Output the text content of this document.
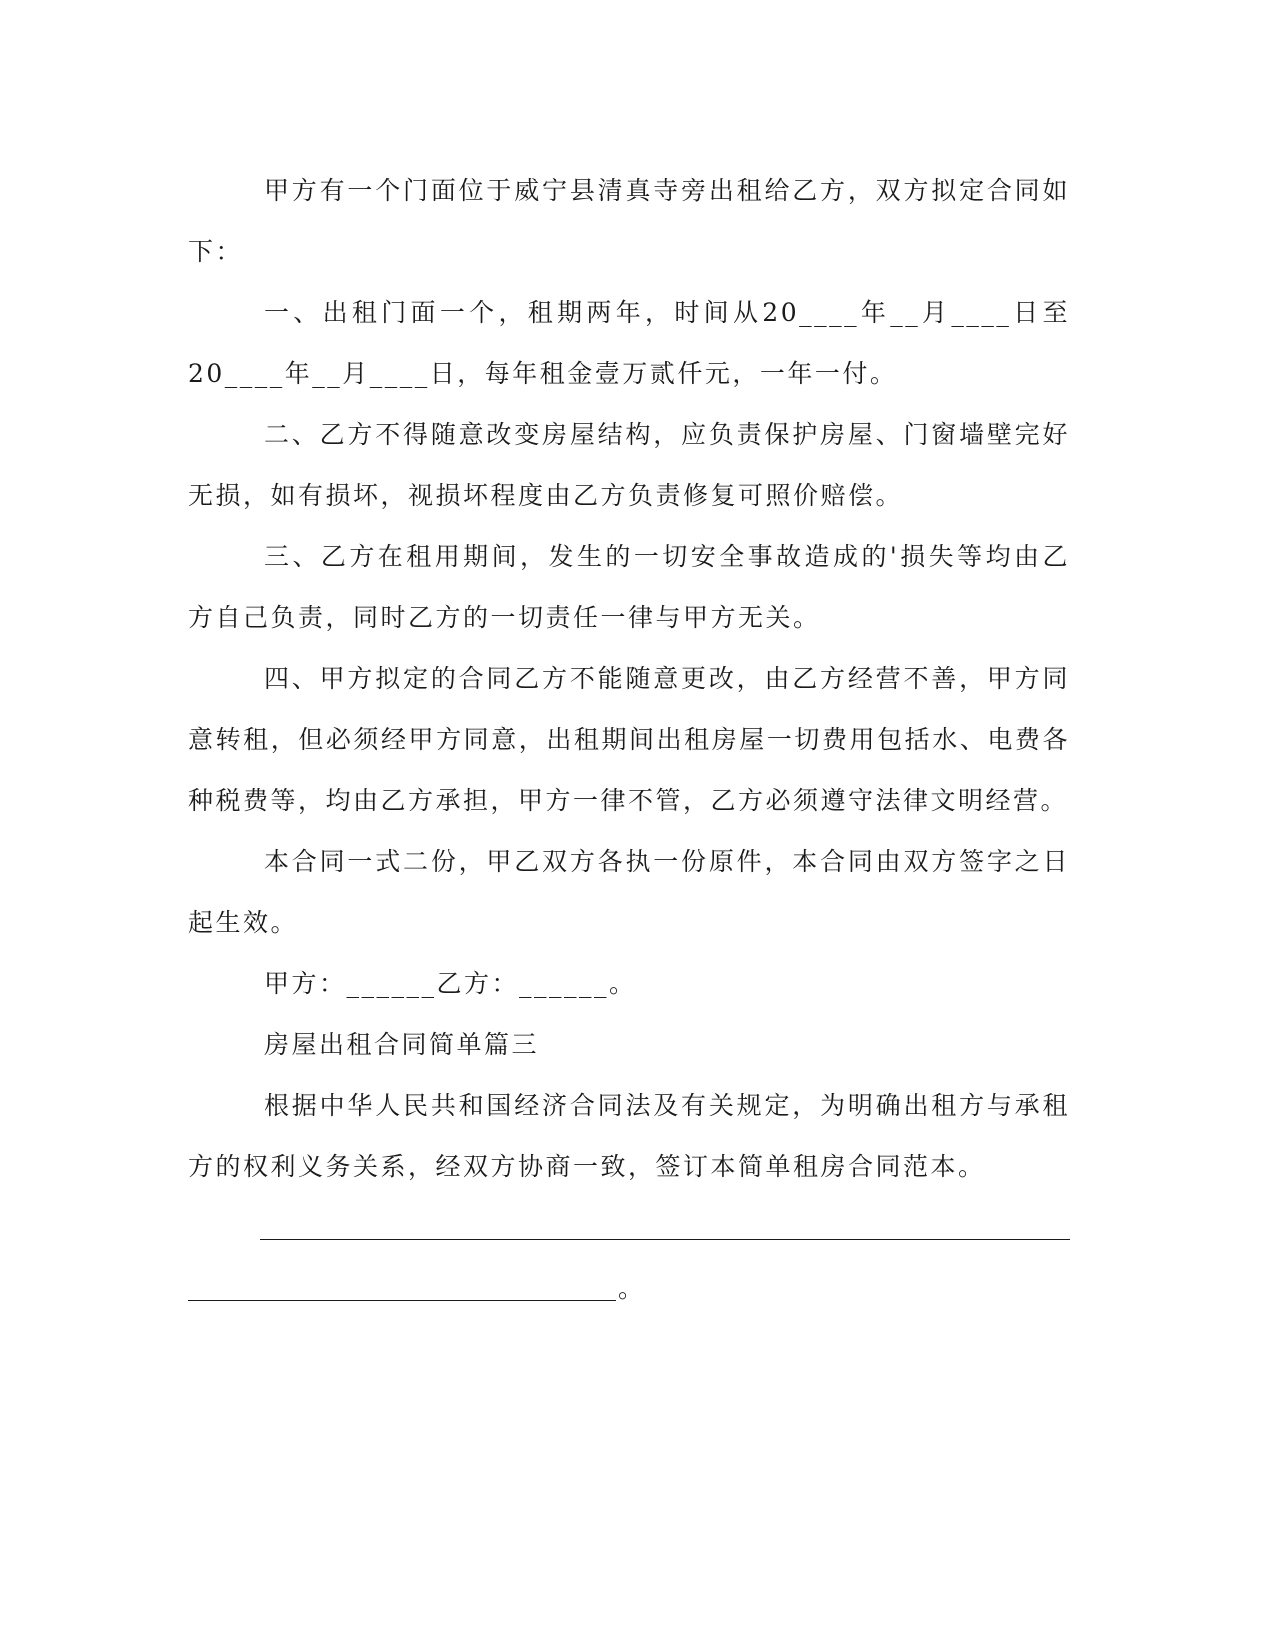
甲方有一个门面位于威宁县清真寺旁出租给乙方，双方拟定合同如下：

一、出租门面一个，租期两年，时间从20____年__月____日至20____年__月____日，每年租金壹万贰仟元，一年一付。

二、乙方不得随意改变房屋结构，应负责保护房屋、门窗墙壁完好无损，如有损坏，视损坏程度由乙方负责修复可照价赔偿。

三、乙方在租用期间，发生的一切安全事故造成的'损失等均由乙方自己负责，同时乙方的一切责任一律与甲方无关。

四、甲方拟定的合同乙方不能随意更改，由乙方经营不善，甲方同意转租，但必须经甲方同意，出租期间出租房屋一切费用包括水、电费各种税费等，均由乙方承担，甲方一律不管，乙方必须遵守法律文明经营。

本合同一式二份，甲乙双方各执一份原件，本合同由双方签字之日起生效。

甲方：______乙方：______。

房屋出租合同简单篇三

根据中华人民共和国经济合同法及有关规定，为明确出租方与承租方的权利义务关系，经双方协商一致，签订本简单租房合同范本。

。
